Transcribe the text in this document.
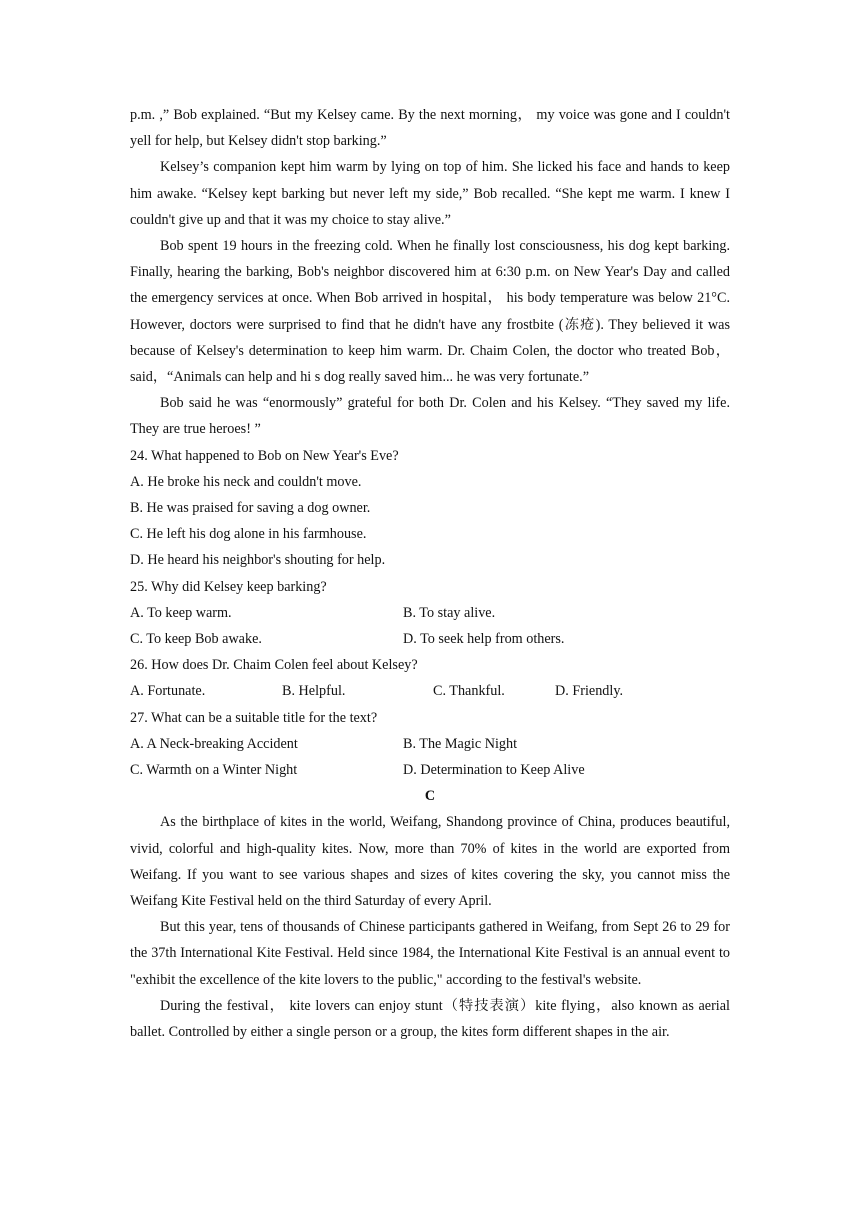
p.m. ,” Bob explained. “But my Kelsey came. By the next morning， my voice was gone and I couldn't yell for help, but Kelsey didn't stop barking.”

Kelsey’s companion kept him warm by lying on top of him. She licked his face and hands to keep him awake. “Kelsey kept barking but never left my side,” Bob recalled. “She kept me warm. I knew I couldn't give up and that it was my choice to stay alive.”

Bob spent 19 hours in the freezing cold. When he finally lost consciousness, his dog kept barking. Finally, hearing the barking, Bob's neighbor discovered him at 6:30 p.m. on New Year's Day and called the emergency services at once. When Bob arrived in hospital， his body temperature was below 21°C. However, doctors were surprised to find that he didn't have any frostbite (冻疮). They believed it was because of Kelsey's determination to keep him warm. Dr. Chaim Colen, the doctor who treated Bob，said，“Animals can help and hi s dog really saved him... he was very fortunate.”

Bob said he was “enormously” grateful for both Dr. Colen and his Kelsey. “They saved my life. They are true heroes! ”

24. What happened to Bob on New Year's Eve?

A. He broke his neck and couldn't move.

B. He was praised for saving a dog owner.

C. He left his dog alone in his farmhouse.

D. He heard his neighbor's shouting for help.

25. Why did Kelsey keep barking?

A. To keep warm.	B. To stay alive.
C. To keep Bob awake.	D. To seek help from others.

26. How does Dr. Chaim Colen feel about Kelsey?

A. Fortunate.	B. Helpful.	C. Thankful.	D. Friendly.

27. What can be a suitable title for the text?

A. A Neck-breaking Accident	B. The Magic Night
C. Warmth on a Winter Night	D. Determination to Keep Alive

C

As the birthplace of kites in the world, Weifang, Shandong province of China, produces beautiful, vivid, colorful and high-quality kites. Now, more than 70% of kites in the world are exported from Weifang. If you want to see various shapes and sizes of kites covering the sky, you cannot miss the Weifang Kite Festival held on the third Saturday of every April.

But this year, tens of thousands of Chinese participants gathered in Weifang, from Sept 26 to 29 for the 37th International Kite Festival. Held since 1984, the International Kite Festival is an annual event to "exhibit the excellence of the kite lovers to the public," according to the festival's website.

During the festival， kite lovers can enjoy stunt（特技表演）kite flying，also known as aerial ballet. Controlled by either a single person or a group, the kites form different shapes in the air.
